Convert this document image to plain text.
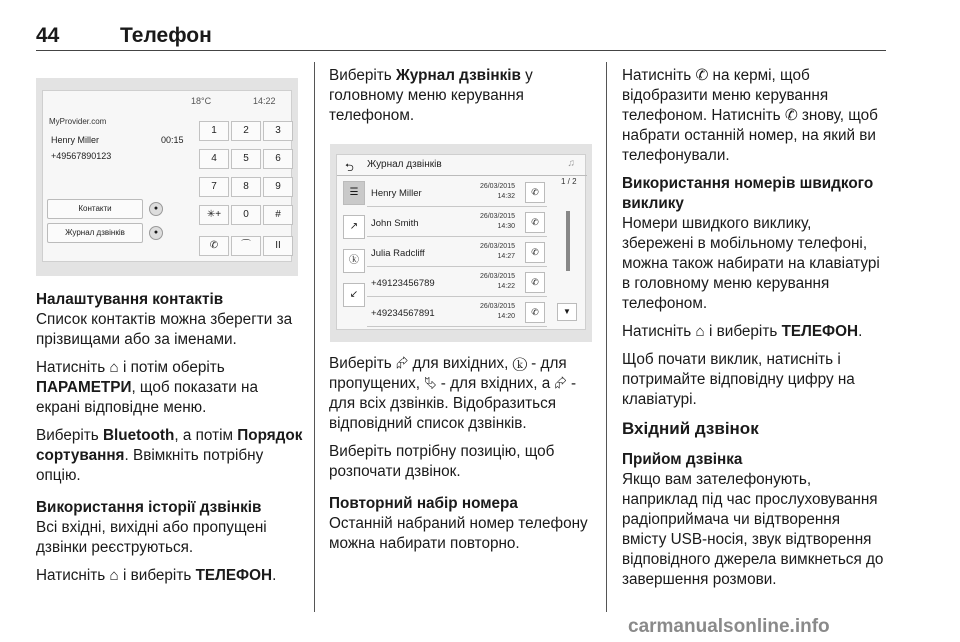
44	Телефон
18°C	14:22
MyProvider.com
Henry Miller	00:15
+49567890123
Контакти
Журнал дзвінків
●
●
1	2	3
4	5	6
7	8	9
✳+	0	#
✆	⌒	II
Налаштування контактів

Список контактів можна зберегти за прізвищами або за іменами.

Натисніть ⌂ і потім оберіть ПАРАМЕТРИ, щоб показати на екрані відповідне меню.

Виберіть Bluetooth, а потім Порядок сортування. Ввімкніть потрібну опцію.

Використання історії дзвінків

Всі вхідні, вихідні або пропущені дзвінки реєструються.

Натисніть ⌂ і виберіть ТЕЛЕФОН.

Виберіть Журнал дзвінків у головному меню керування телефоном.

⮌ Журнал дзвінків	♫
☰
↗
ⓚ
↙
Henry Miller
26/03/2015
14:32	✆
John Smith
26/03/2015
14:30	✆
Julia Radcliff
26/03/2015
14:27	✆
+49123456789
26/03/2015
14:22	✆
+49234567891
26/03/2015
14:20	✆
1 / 2
▼

Виберіть ⮳ для вихідних, ⓚ - для пропущених, ⮱ - для вхідних, а ⮳ - для всіх дзвінків. Відобразиться відповідний список дзвінків.

Виберіть потрібну позицію, щоб розпочати дзвінок.

Повторний набір номера

Останній набраний номер телефону можна набирати повторно.

Натисніть ✆ на кермі, щоб відобразити меню керування телефоном. Натисніть ✆ знову, щоб набрати останній номер, на який ви телефонували.

Використання номерів швидкого виклику

Номери швидкого виклику, збережені в мобільному телефоні, можна також набирати на клавіатурі в головному меню керування телефоном.

Натисніть ⌂ і виберіть ТЕЛЕФОН.

Щоб почати виклик, натисніть і потримайте відповідну цифру на клавіатурі.

Вхідний дзвінок
Прийом дзвінка

Якщо вам зателефонують, наприклад під час прослуховування радіоприймача чи відтворення вмісту USB-носія, звук відтворення відповідного джерела вимкнеться до завершення розмови.

carmanualsonline.info
